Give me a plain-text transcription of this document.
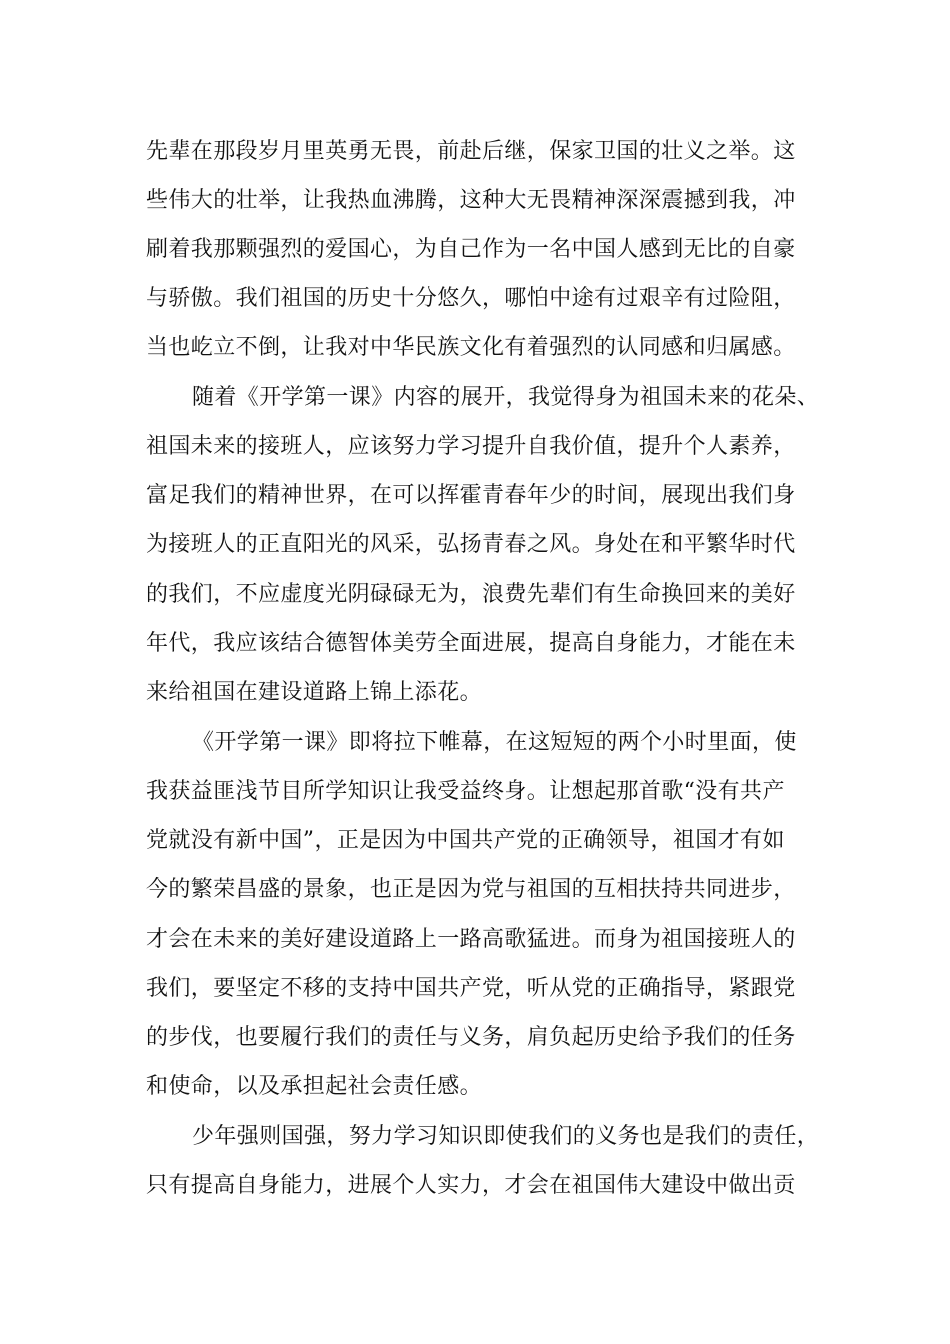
先辈在那段岁月里英勇无畏，前赴后继，保家卫国的壮义之举。这
些伟大的壮举，让我热血沸腾，这种大无畏精神深深震撼到我，冲
刷着我那颗强烈的爱国心，为自己作为一名中国人感到无比的自豪
与骄傲。我们祖国的历史十分悠久，哪怕中途有过艰辛有过险阻，
当也屹立不倒，让我对中华民族文化有着强烈的认同感和归属感。
随着《开学第一课》内容的展开，我觉得身为祖国未来的花朵、
祖国未来的接班人，应该努力学习提升自我价值，提升个人素养，
富足我们的精神世界，在可以挥霍青春年少的时间，展现出我们身
为接班人的正直阳光的风采，弘扬青春之风。身处在和平繁华时代
的我们，不应虚度光阴碌碌无为，浪费先辈们有生命换回来的美好
年代，我应该结合德智体美劳全面进展，提高自身能力，才能在未
来给祖国在建设道路上锦上添花。
《开学第一课》即将拉下帷幕，在这短短的两个小时里面，使
我获益匪浅节目所学知识让我受益终身。让想起那首歌“没有共产
党就没有新中国”，正是因为中国共产党的正确领导，祖国才有如
今的繁荣昌盛的景象，也正是因为党与祖国的互相扶持共同进步，
才会在未来的美好建设道路上一路高歌猛进。而身为祖国接班人的
我们，要坚定不移的支持中国共产党，听从党的正确指导，紧跟党
的步伐，也要履行我们的责任与义务，肩负起历史给予我们的任务
和使命，以及承担起社会责任感。
少年强则国强，努力学习知识即使我们的义务也是我们的责任，
只有提高自身能力，进展个人实力，才会在祖国伟大建设中做出贡
